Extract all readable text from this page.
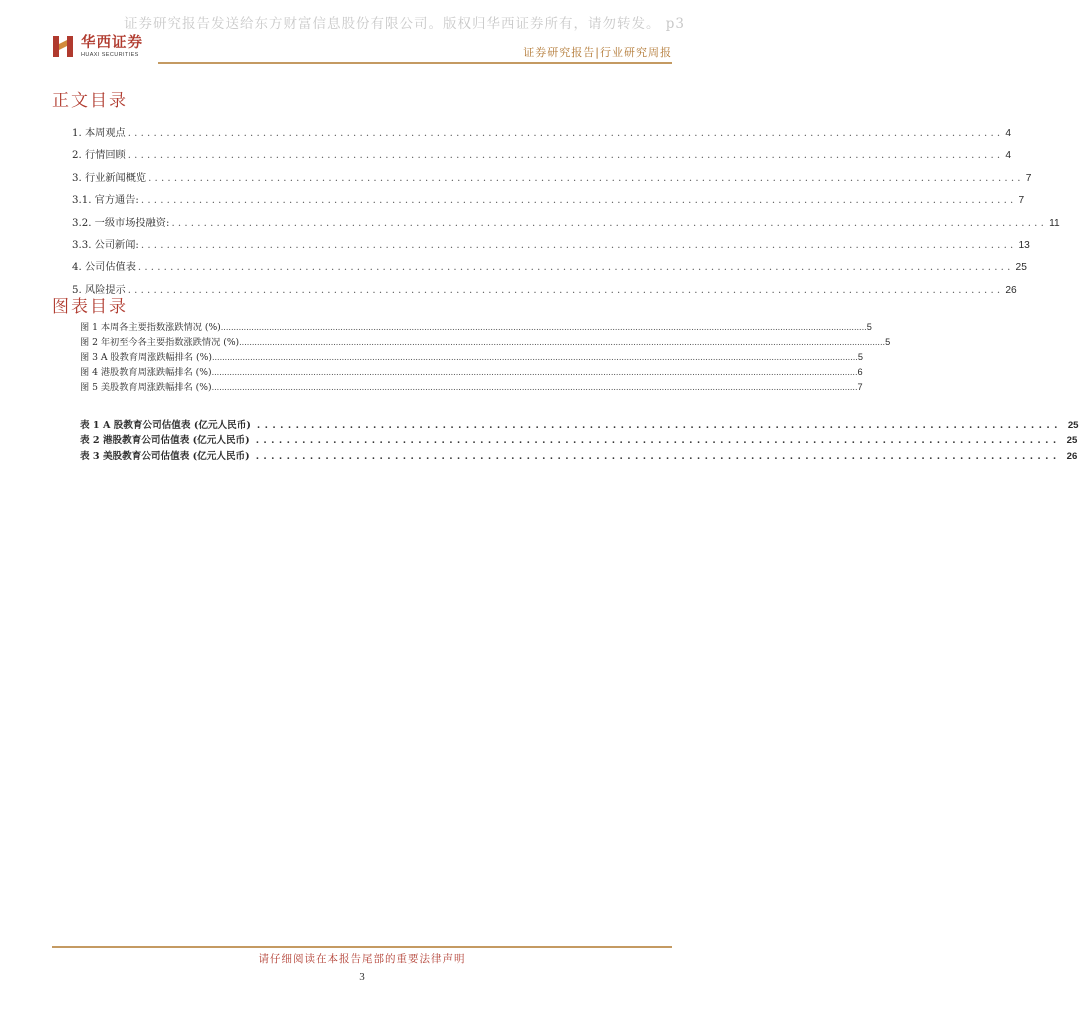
证券研究报告发送给东方财富信息股份有限公司。版权归华西证券所有，请勿转发。 p3
华西证券
HUAXI SECURITIES	证券研究报告|行业研究周报
正文目录
1. 本周观点 ........................................................................................................................................ 4
2. 行情回顾 ........................................................................................................................................ 4
3. 行业新闻概览 ........................................................................................................................................ 7
3.1. 官方通告: ........................................................................................................................................ 7
3.2. 一级市场投融资: ........................................................................................................................................ 11
3.3. 公司新闻: ........................................................................................................................................ 13
4. 公司估值表 ........................................................................................................................................ 25
5. 风险提示 ........................................................................................................................................ 26
图表目录
图 1 本周各主要指数涨跌情况 (%) .............................................................................................................................................................................................................................................................. 5
图 2 年初至今各主要指数涨跌情况 (%) .............................................................................................................................................................................................................................................................. 5
图 3 A 股教育周涨跌幅排名 (%) .............................................................................................................................................................................................................................................................. 5
图 4 港股教育周涨跌幅排名 (%) .............................................................................................................................................................................................................................................................. 6
图 5 美股教育周涨跌幅排名 (%) .............................................................................................................................................................................................................................................................. 7
表 1 A 股教育公司估值表 (亿元人民币) ........................................................................................................ 25
表 2 港股教育公司估值表 (亿元人民币) ........................................................................................................ 25
表 3 美股教育公司估值表 (亿元人民币) ........................................................................................................ 26
请仔细阅读在本报告尾部的重要法律声明
3
